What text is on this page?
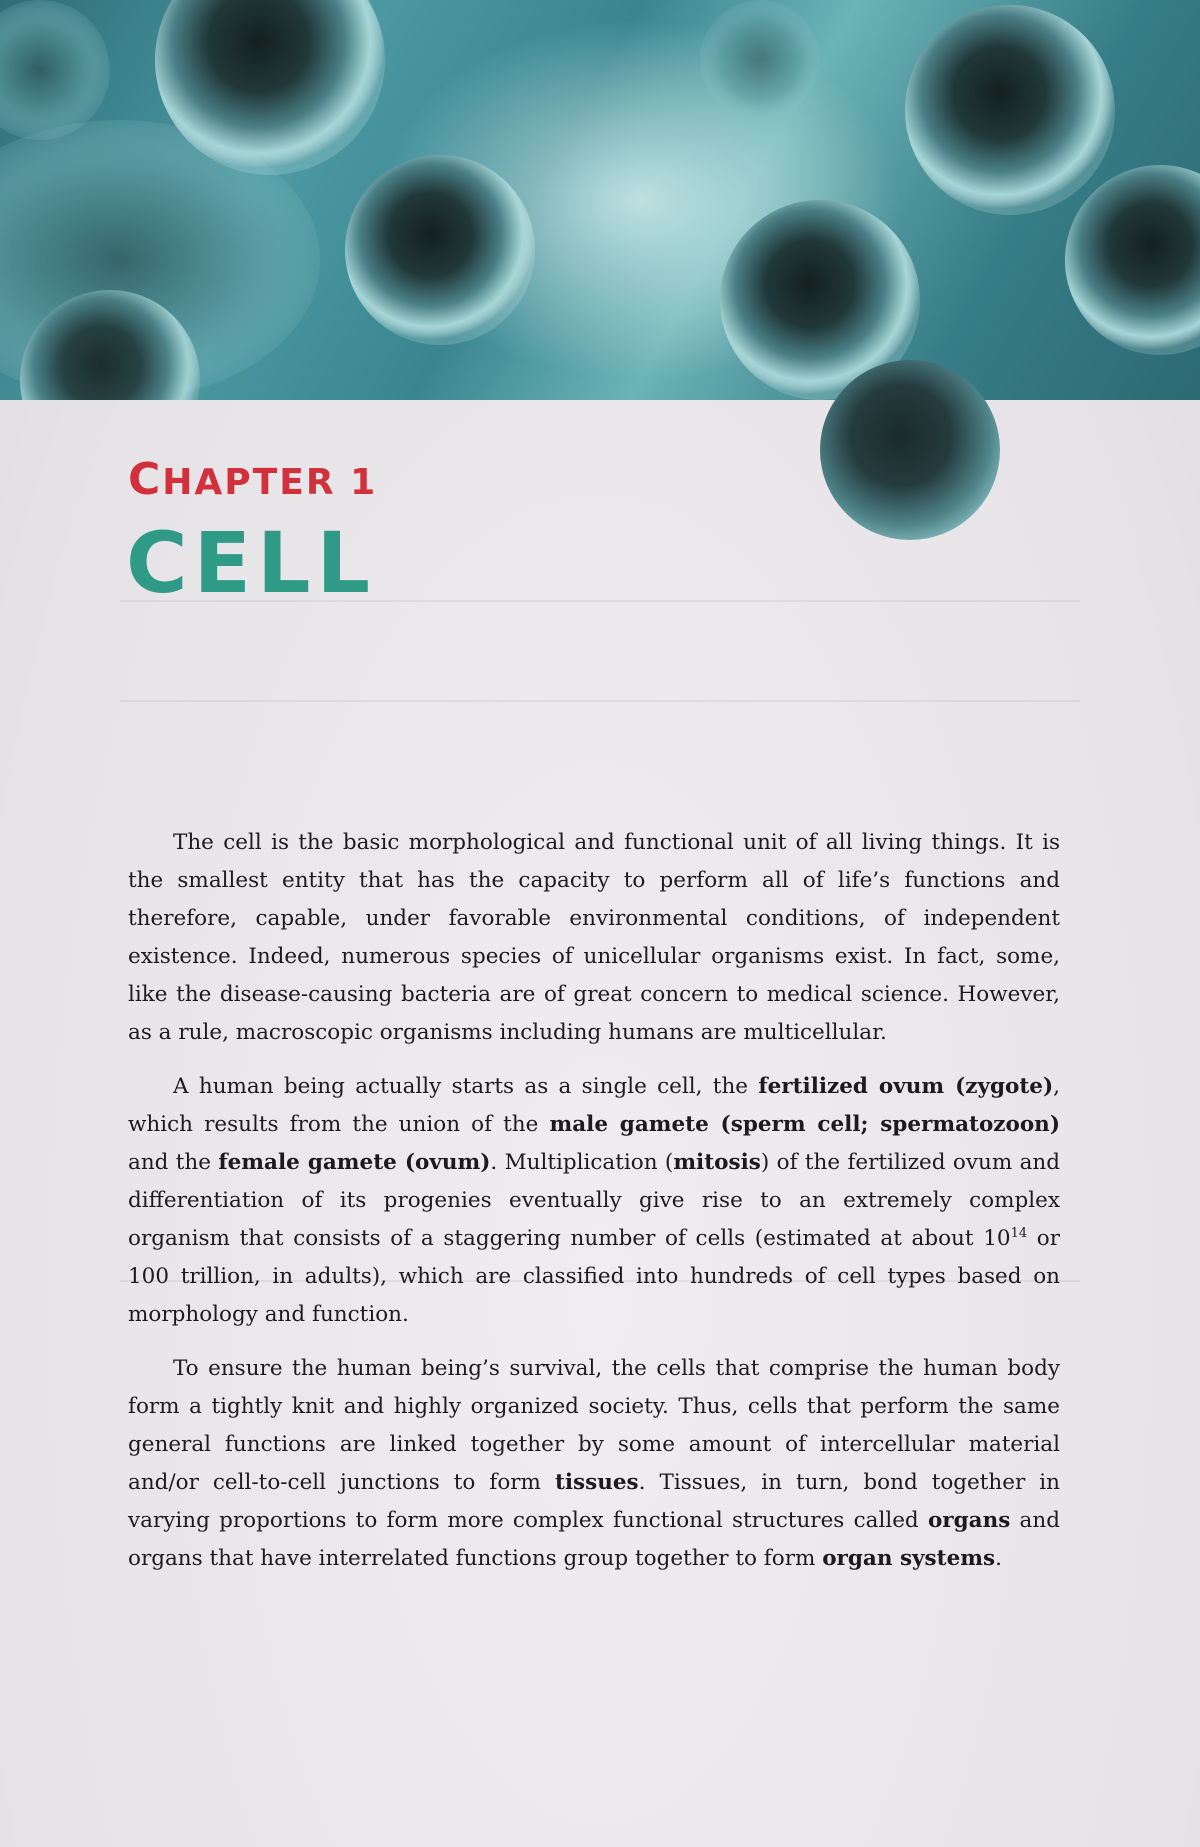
CHAPTER 1
CELL

The cell is the basic morphological and functional unit of all living things. It is the smallest entity that has the capacity to perform all of life’s functions and therefore, capable, under favorable environmental conditions, of independent existence. Indeed, numerous species of unicellular organisms exist. In fact, some, like the disease-causing bacteria are of great concern to medical science. However, as a rule, macroscopic organisms including humans are multicellular.

A human being actually starts as a single cell, the fertilized ovum (zygote), which results from the union of the male gamete (sperm cell; spermatozoon) and the female gamete (ovum). Multiplication (mitosis) of the fertilized ovum and differentiation of its progenies eventually give rise to an extremely complex organism that consists of a staggering number of cells (estimated at about $10^{14}$ or 100 trillion, in adults), which are classified into hundreds of cell types based on morphology and function.

To ensure the human being’s survival, the cells that comprise the human body form a tightly knit and highly organized society. Thus, cells that perform the same general functions are linked together by some amount of intercellular material and/or cell-to-cell junctions to form tissues. Tissues, in turn, bond together in varying proportions to form more complex functional structures called organs and organs that have interrelated functions group together to form organ systems.
